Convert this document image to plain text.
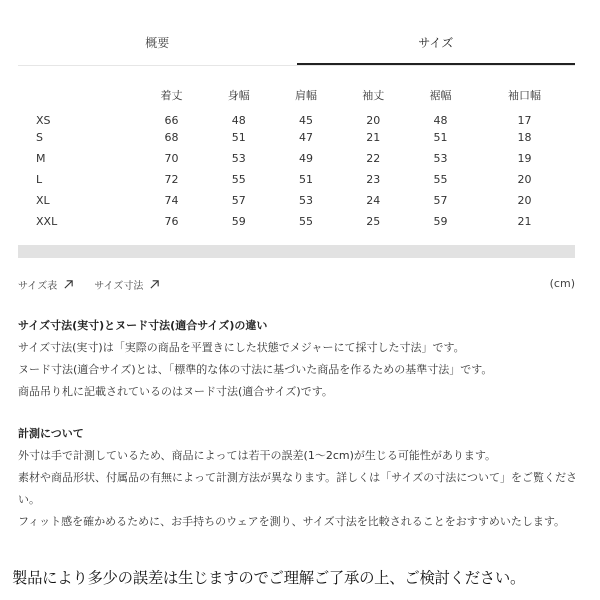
概要	サイズ
	着丈	身幅	肩幅	袖丈	裾幅	袖口幅
XS	66	48	45	20	48	17
S	68	51	47	21	51	18
M	70	53	49	22	53	19
L	72	55	51	23	55	20
XL	74	57	53	24	57	20
XXL	76	59	55	25	59	21
サイズ表	サイズ寸法	(cm)
サイズ寸法(実寸)とヌード寸法(適合サイズ)の違い

サイズ寸法(実寸)は「実際の商品を平置きにした状態でメジャーにて採寸した寸法」です。

ヌード寸法(適合サイズ)とは、「標準的な体の寸法に基づいた商品を作るための基準寸法」です。

商品吊り札に記載されているのはヌード寸法(適合サイズ)です。

計測について

外寸は手で計測しているため、商品によっては若干の誤差(1〜2cm)が生じる可能性があります。

素材や商品形状、付属品の有無によって計測方法が異なります。詳しくは「サイズの寸法について」をご覧ください。

フィット感を確かめるために、お手持ちのウェアを測り、サイズ寸法を比較されることをおすすめいたします。

製品により多少の誤差は生じますのでご理解ご了承の上、ご検討ください。
